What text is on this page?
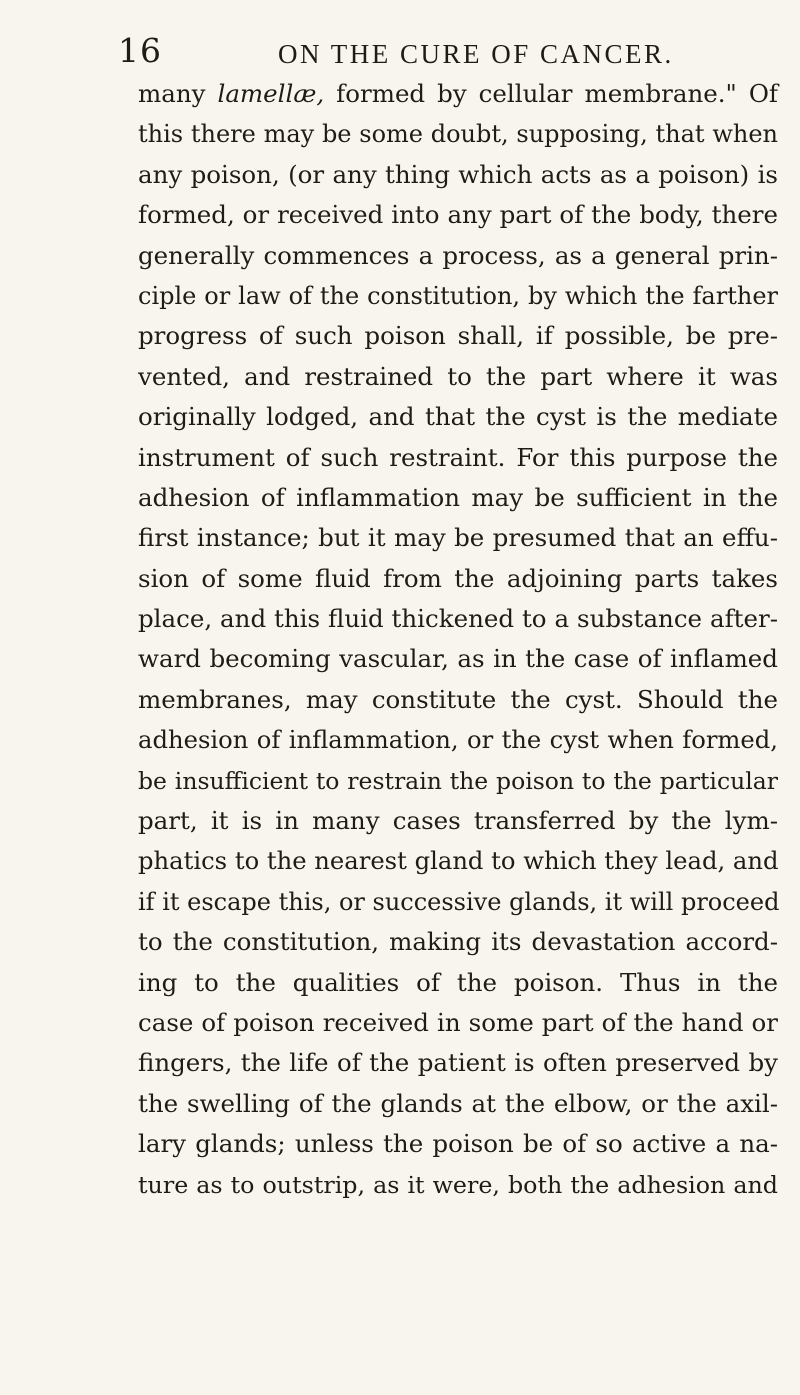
16	ON THE CURE OF CANCER.
many lamellæ, formed by cellular membrane." Of
this there may be some doubt, supposing, that when
any poison, (or any thing which acts as a poison) is
formed, or received into any part of the body, there
generally commences a process, as a general prin-
ciple or law of the constitution, by which the farther
progress of such poison shall, if possible, be pre-
vented, and restrained to the part where it was
originally lodged, and that the cyst is the mediate
instrument of such restraint. For this purpose the
adhesion of inflammation may be sufficient in the
first instance; but it may be presumed that an effu-
sion of some fluid from the adjoining parts takes
place, and this fluid thickened to a substance after-
ward becoming vascular, as in the case of inflamed
membranes, may constitute the cyst. Should the
adhesion of inflammation, or the cyst when formed,
be insufficient to restrain the poison to the particular
part, it is in many cases transferred by the lym-
phatics to the nearest gland to which they lead, and
if it escape this, or successive glands, it will proceed
to the constitution, making its devastation accord-
ing to the qualities of the poison. Thus in the
case of poison received in some part of the hand or
fingers, the life of the patient is often preserved by
the swelling of the glands at the elbow, or the axil-
lary glands; unless the poison be of so active a na-
ture as to outstrip, as it were, both the adhesion and
